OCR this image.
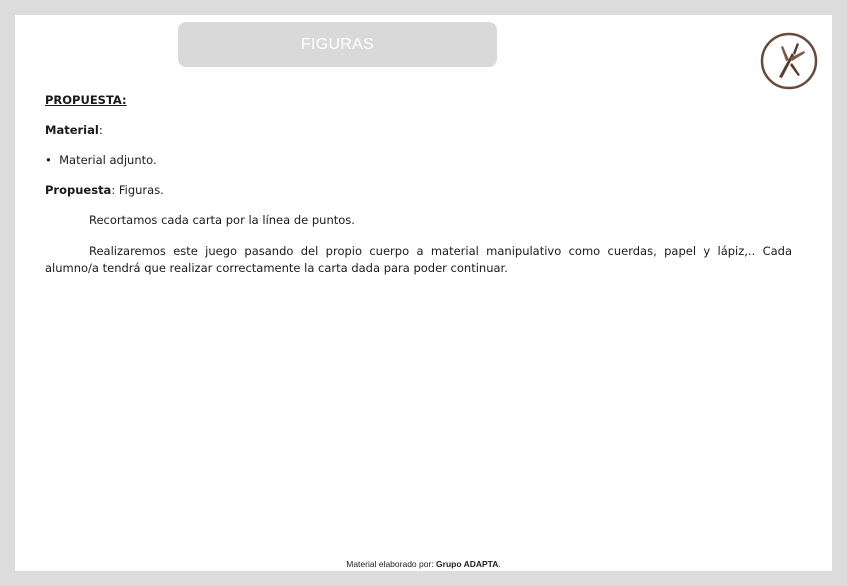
FIGURAS

PROPUESTA:

Material:

• Material adjunto.

Propuesta: Figuras.

Recortamos cada carta por la línea de puntos.

Realizaremos este juego pasando del propio cuerpo a material manipulativo como cuerdas, papel y lápiz,.. Cada alumno/a tendrá que realizar correctamente la carta dada para poder continuar.

Material elaborado por: Grupo ADAPTA.
